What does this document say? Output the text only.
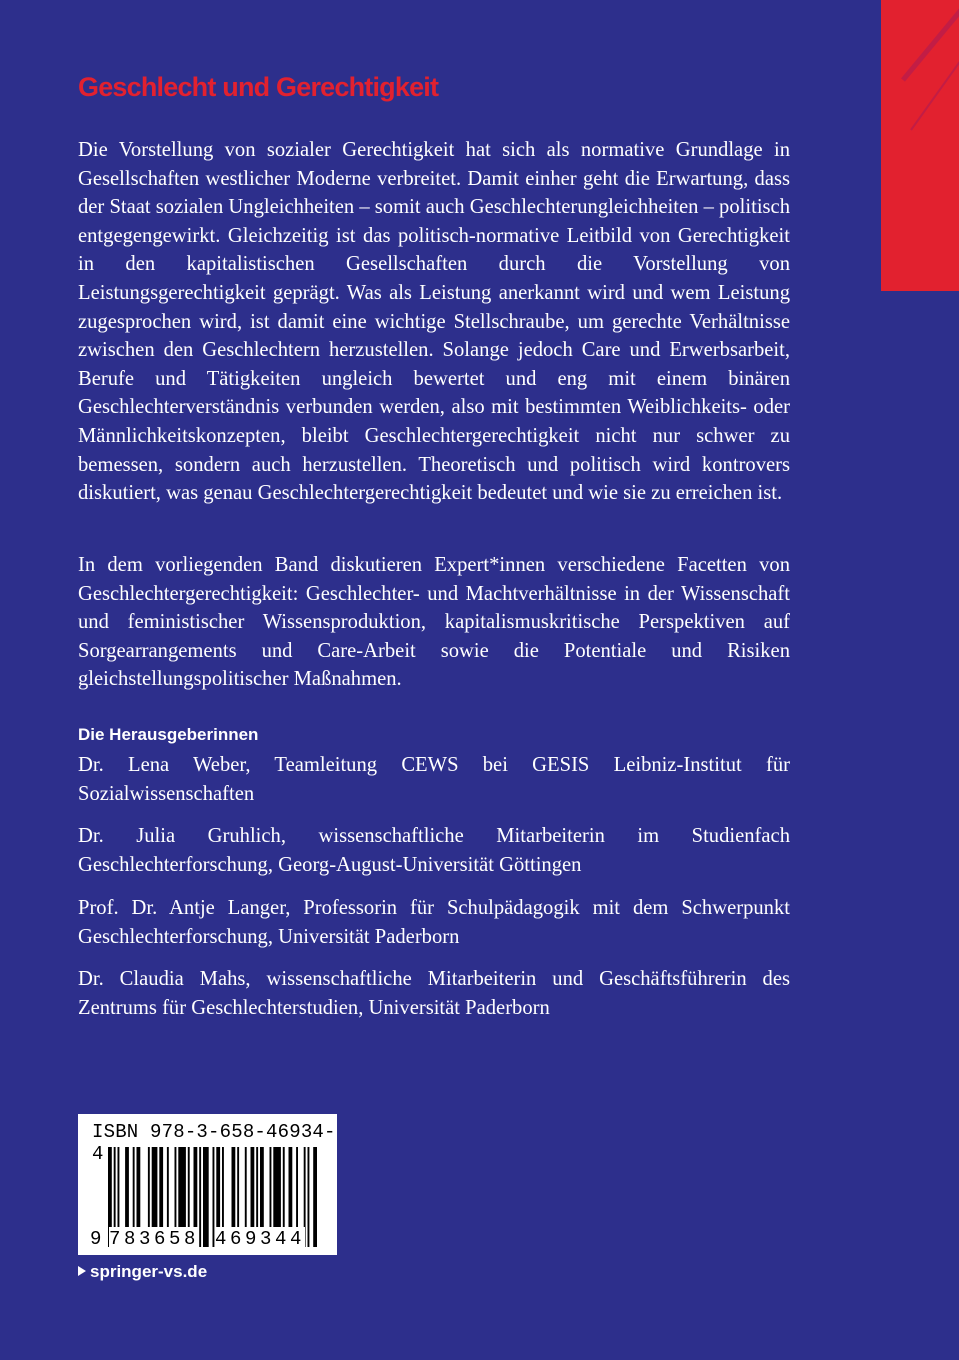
Geschlecht und Gerechtigkeit

Die Vorstellung von sozialer Gerechtigkeit hat sich als normative Grundlage in Gesellschaften westlicher Moderne verbreitet. Damit einher geht die Erwartung, dass der Staat sozialen Ungleichheiten – somit auch Geschlechterungleichheiten – politisch entgegengewirkt. Gleichzeitig ist das politisch-normative Leitbild von Gerechtigkeit in den kapitalistischen Gesellschaften durch die Vorstellung von Leistungsgerechtigkeit geprägt. Was als Leistung anerkannt wird und wem Leistung zugesprochen wird, ist damit eine wichtige Stellschraube, um gerechte Verhältnisse zwischen den Geschlechtern herzustellen. Solange jedoch Care und Erwerbsarbeit, Berufe und Tätigkeiten ungleich bewertet und eng mit einem binären Geschlechterverständnis verbunden werden, also mit bestimmten Weiblichkeits- oder Männlichkeitskonzepten, bleibt Geschlechtergerechtigkeit nicht nur schwer zu bemessen, sondern auch herzustellen. Theoretisch und politisch wird kontrovers diskutiert, was genau Geschlechtergerechtigkeit bedeutet und wie sie zu erreichen ist.

In dem vorliegenden Band diskutieren Expert*innen verschiedene Facetten von Geschlechtergerechtigkeit: Geschlechter- und Machtverhältnisse in der Wissenschaft und feministischer Wissensproduktion, kapitalismuskritische Perspektiven auf Sorgearrangements und Care-Arbeit sowie die Potentiale und Risiken gleichstellungspolitischer Maßnahmen.

Die Herausgeberinnen

Dr. Lena Weber, Teamleitung CEWS bei GESIS Leibniz-Institut für Sozialwissenschaften

Dr. Julia Gruhlich, wissenschaftliche Mitarbeiterin im Studienfach Geschlechterforschung, Georg-August-Universität Göttingen

Prof. Dr. Antje Langer, Professorin für Schulpädagogik mit dem Schwerpunkt Geschlechterforschung, Universität Paderborn

Dr. Claudia Mahs, wissenschaftliche Mitarbeiterin und Geschäftsführerin des Zentrums für Geschlechterstudien, Universität Paderborn

ISBN 978-3-658-46934-4

9 783658 469344

springer-vs.de
